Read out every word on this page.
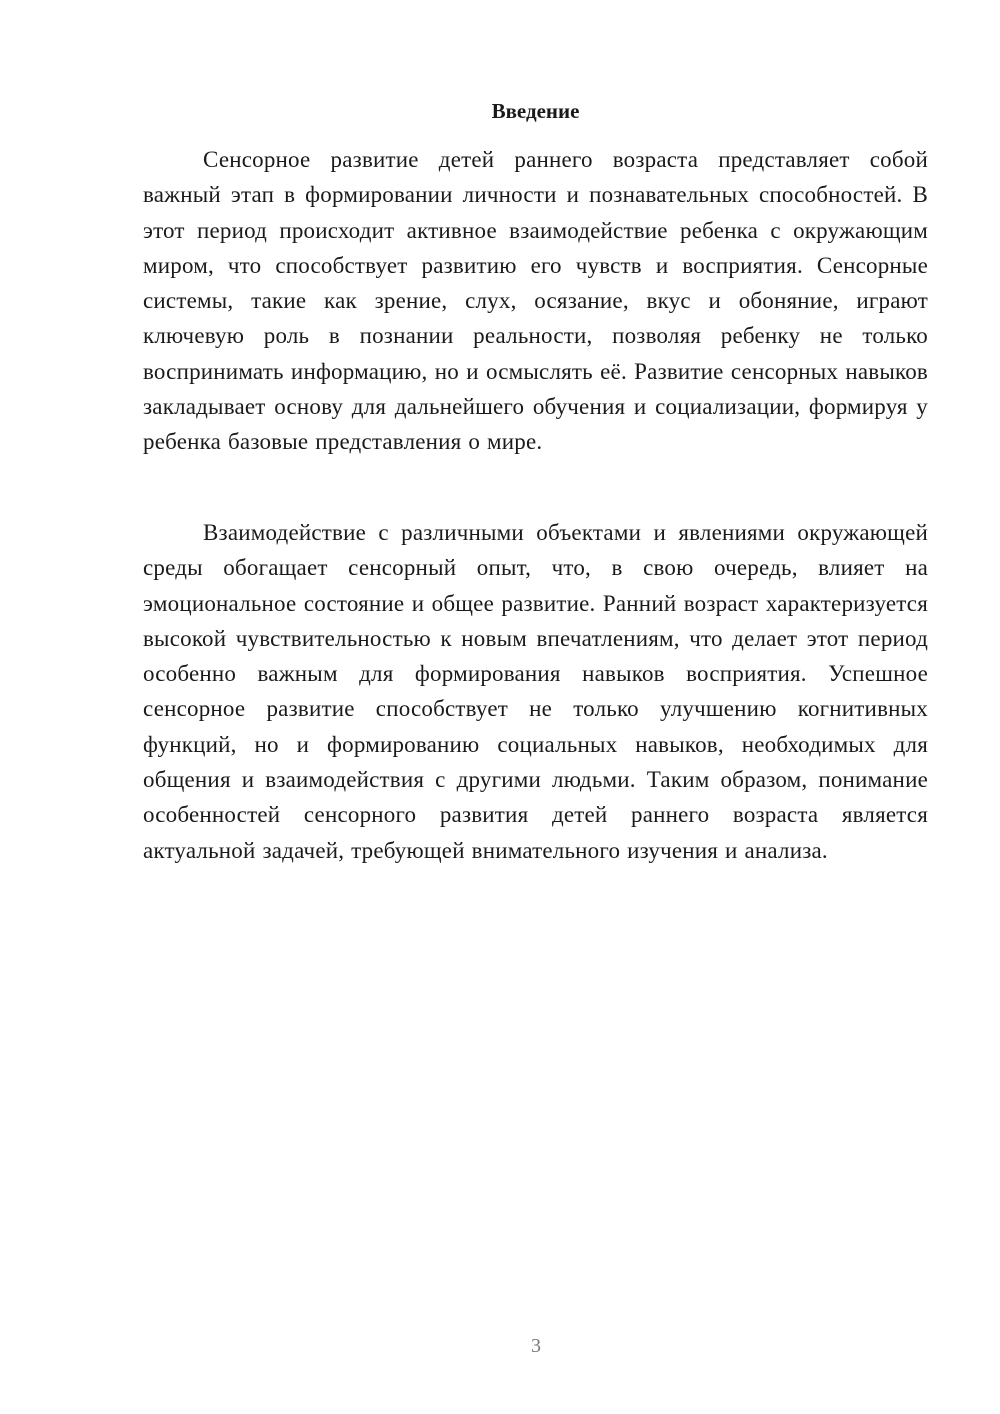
Введение

Сенсорное развитие детей раннего возраста представляет собой важный этап в формировании личности и познавательных способностей. В этот период происходит активное взаимодействие ребенка с окружающим миром, что способствует развитию его чувств и восприятия. Сенсорные системы, такие как зрение, слух, осязание, вкус и обоняние, играют ключевую роль в познании реальности, позволяя ребенку не только воспринимать информацию, но и осмыслять её. Развитие сенсорных навыков закладывает основу для дальнейшего обучения и социализации, формируя у ребенка базовые представления о мире.

Взаимодействие с различными объектами и явлениями окружающей среды обогащает сенсорный опыт, что, в свою очередь, влияет на эмоциональное состояние и общее развитие. Ранний возраст характеризуется высокой чувствительностью к новым впечатлениям, что делает этот период особенно важным для формирования навыков восприятия. Успешное сенсорное развитие способствует не только улучшению когнитивных функций, но и формированию социальных навыков, необходимых для общения и взаимодействия с другими людьми. Таким образом, понимание особенностей сенсорного развития детей раннего возраста является актуальной задачей, требующей внимательного изучения и анализа.

3
